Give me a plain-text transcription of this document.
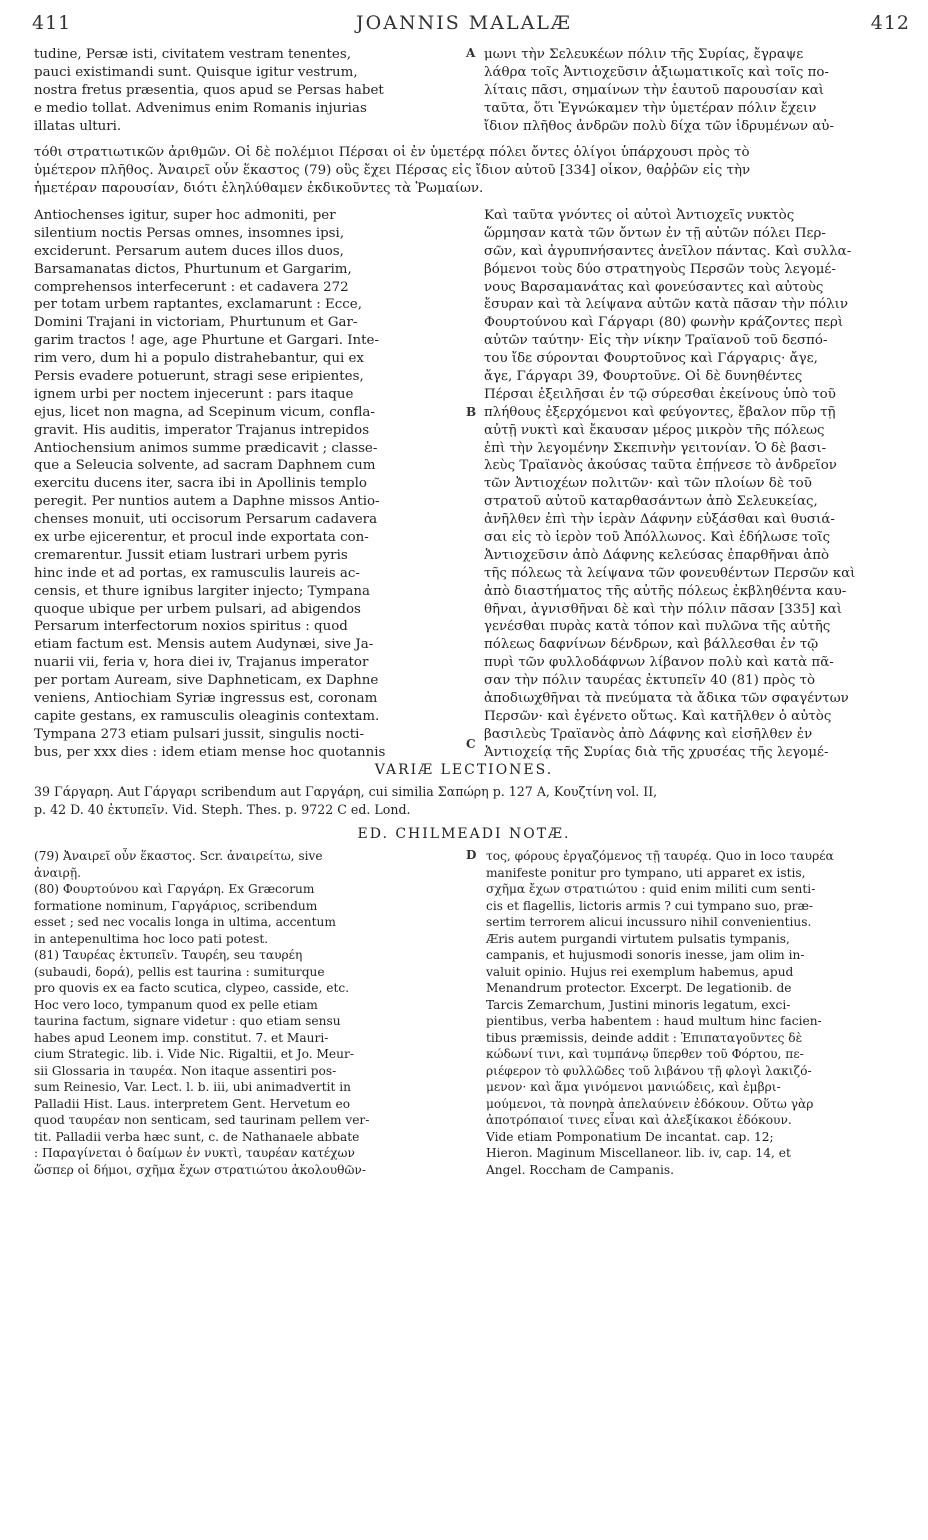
411	JOANNIS MALALÆ	412
tudine, Persæ isti, civitatem vestram tenentes,
pauci existimandi sunt. Quisque igitur vestrum,
nostra fretus præsentia, quos apud se Persas habet
e medio tollat. Advenimus enim Romanis injurias
illatas ulturi.
A μωνι τὴν Σελευκέων πόλιν τῆς Συρίας, ἔγραψε
λάθρα τοῖς Ἀντιοχεῦσιν ἀξιωματικοῖς καὶ τοῖς πο-
λίταις πᾶσι, σημαίνων τὴν ἑαυτοῦ παρουσίαν καὶ
ταῦτα, ὅτι Ἐγνώκαμεν τὴν ὑμετέραν πόλιν ἔχειν
ἴδιον πλῆθος ἀνδρῶν πολὺ δίχα τῶν ἱδρυμένων αὐ-
τόθι στρατιωτικῶν ἀριθμῶν. Οἱ δὲ πολέμιοι Πέρσαι οἱ ἐν ὑμετέρᾳ πόλει ὄντες ὀλίγοι ὑπάρχουσι πρὸς τὸ
ὑμέτερον πλῆθος. Ἀναιρεῖ οὖν ἕκαστος (79) οὓς ἔχει Πέρσας εἰς ἴδιον αὐτοῦ [334] οἶκον, θαῤῥῶν εἰς τὴν
ἡμετέραν παρουσίαν, διότι ἐληλύθαμεν ἐκδικοῦντες τὰ Ῥωμαίων.
Antiochenses igitur, super hoc admoniti, per
silentium noctis Persas omnes, insomnes ipsi,
exciderunt. Persarum autem duces illos duos,
Barsamanatas dictos, Phurtunum et Gargarim,
comprehensos interfecerunt : et cadavera 272
per totam urbem raptantes, exclamarunt : Ecce,
Domini Trajani in victoriam, Phurtunum et Gar-
garim tractos ! age, age Phurtune et Gargari. Inte-
rim vero, dum hi a populo distrahebantur, qui ex
Persis evadere potuerunt, stragi sese eripientes,
ignem urbi per noctem injecerunt : pars itaque
ejus, licet non magna, ad Scepinum vicum, confla-
gravit. His auditis, imperator Trajanus intrepidos
Antiochensium animos summe prædicavit ; classe-
que a Seleucia solvente, ad sacram Daphnem cum
exercitu ducens iter, sacra ibi in Apollinis templo
peregit. Per nuntios autem a Daphne missos Antio-
chenses monuit, uti occisorum Persarum cadavera
ex urbe ejicerentur, et procul inde exportata con-
cremarentur. Jussit etiam lustrari urbem pyris
hinc inde et ad portas, ex ramusculis laureis ac-
censis, et thure ignibus largiter injecto; Tympana
quoque ubique per urbem pulsari, ad abigendos
Persarum interfectorum noxios spiritus : quod
etiam factum est. Mensis autem Audynæi, sive Ja-
nuarii vii, feria v, hora diei iv, Trajanus imperator
per portam Auream, sive Daphneticam, ex Daphne
veniens, Antiochiam Syriæ ingressus est, coronam
capite gestans, ex ramusculis oleaginis contextam.
Tympana 273 etiam pulsari jussit, singulis nocti-
bus, per xxx dies : idem etiam mense hoc quotannis
B
C
Καὶ ταῦτα γνόντες οἱ αὐτοὶ Ἀντιοχεῖς νυκτὸς
ὥρμησαν κατὰ τῶν ὄντων ἐν τῇ αὐτῶν πόλει Περ-
σῶν, καὶ ἀγρυπνήσαντες ἀνεῖλον πάντας. Καὶ συλλα-
βόμενοι τοὺς δύο στρατηγοὺς Περσῶν τοὺς λεγομέ-
νους Βαρσαμανάτας καὶ φονεύσαντες καὶ αὐτοὺς
ἔσυραν καὶ τὰ λείψανα αὐτῶν κατὰ πᾶσαν τὴν πόλιν
Φουρτούνου καὶ Γάργαρι (80) φωνὴν κράζοντες περὶ
αὐτῶν ταύτην· Εἰς τὴν νίκην Τραϊανοῦ τοῦ δεσπό-
του ἴδε σύρονται Φουρτοῦνος καὶ Γάργαρις· ἄγε,
ἄγε, Γάργαρι 39, Φουρτοῦνε. Οἱ δὲ δυνηθέντες
Πέρσαι ἐξειλῆσαι ἐν τῷ σύρεσθαι ἐκείνους ὑπὸ τοῦ
πλήθους ἐξερχόμενοι καὶ φεύγοντες, ἔβαλον πῦρ τῇ
αὐτῇ νυκτὶ καὶ ἔκαυσαν μέρος μικρὸν τῆς πόλεως
ἐπὶ τὴν λεγομένην Σκεπινὴν γειτονίαν. Ὁ δὲ βασι-
λεὺς Τραϊανὸς ἀκούσας ταῦτα ἐπῄνεσε τὸ ἀνδρεῖον
τῶν Ἀντιοχέων πολιτῶν· καὶ τῶν πλοίων δὲ τοῦ
στρατοῦ αὐτοῦ καταρθασάντων ἀπὸ Σελευκείας,
ἀνῆλθεν ἐπὶ τὴν ἱερὰν Δάφνην εὐξάσθαι καὶ θυσιά-
σαι εἰς τὸ ἱερὸν τοῦ Ἀπόλλωνος. Καὶ ἐδήλωσε τοῖς
Ἀντιοχεῦσιν ἀπὸ Δάφνης κελεύσας ἐπαρθῆναι ἀπὸ
τῆς πόλεως τὰ λείψανα τῶν φονευθέντων Περσῶν καὶ
ἀπὸ διαστήματος τῆς αὐτῆς πόλεως ἐκβληθέντα καυ-
θῆναι, ἀγνισθῆναι δὲ καὶ τὴν πόλιν πᾶσαν [335] καὶ
γενέσθαι πυρὰς κατὰ τόπον καὶ πυλῶνα τῆς αὐτῆς
πόλεως δαφνίνων δένδρων, καὶ βάλλεσθαι ἐν τῷ
πυρὶ τῶν φυλλοδάφνων λίβανον πολὺ καὶ κατὰ πᾶ-
σαν τὴν πόλιν ταυρέας ἐκτυπεῖν 40 (81) πρὸς τὸ
ἀποδιωχθῆναι τὰ πνεύματα τὰ ἄδικα τῶν σφαγέντων
Περσῶν· καὶ ἐγένετο οὕτως. Καὶ κατῆλθεν ὁ αὐτὸς
βασιλεὺς Τραϊανὸς ἀπὸ Δάφνης καὶ εἰσῆλθεν ἐν
Ἀντιοχείᾳ τῆς Συρίας διὰ τῆς χρυσέας τῆς λεγομέ-
VARIÆ LECTIONES.
39 Γάργαρη. Aut Γάργαρι scribendum aut Γαργάρη, cui similia Σαπώρη p. 127 A, Κουζτίνη vol. II,
p. 42 D. 40 ἐκτυπεῖν. Vid. Steph. Thes. p. 9722 C ed. Lond.
ED. CHILMEADI NOTÆ.
(79) Ἀναιρεῖ οὖν ἕκαστος. Scr. ἀναιρείτω, sive
ἀναιρῇ.
(80) Φουρτούνου καὶ Γαργάρη. Ex Græcorum
formatione nominum, Γαργάριος, scribendum
esset ; sed nec vocalis longa in ultima, accentum
in antepenultima hoc loco pati potest.
(81) Ταυρέας ἐκτυπεῖν. Ταυρέη, seu ταυρέη
(subaudi, δορά), pellis est taurina : sumiturque
pro quovis ex ea facto scutica, clypeo, casside, etc.
Hoc vero loco, tympanum quod ex pelle etiam
taurina factum, signare videtur : quo etiam sensu
habes apud Leonem imp. constitut. 7. et Mauri-
cium Strategic. lib. i. Vide Nic. Rigaltii, et Jo. Meur-
sii Glossaria in ταυρέα. Non itaque assentiri pos-
sum Reinesio, Var. Lect. l. b. iii, ubi animadvertit in
Palladii Hist. Laus. interpretem Gent. Hervetum eo
quod ταυρέαν non senticam, sed taurinam pellem ver-
tit. Palladii verba hæc sunt, c. de Nathanaele abbate
: Παραγίνεται ὁ δαίμων ἐν νυκτὶ, ταυρέαν κατέχων
ὥσπερ οἱ δήμοι, σχῆμα ἔχων στρατιώτου ἀκολουθῶν-
D τος, φόρους ἐργαζόμενος τῇ ταυρέᾳ. Quo in loco ταυρέα
manifeste ponitur pro tympano, uti apparet ex istis,
σχῆμα ἔχων στρατιώτου : quid enim militi cum senti-
cis et flagellis, lictoris armis ? cui tympano suo, præ-
sertim terrorem alicui incussuro nihil convenientius.
Æris autem purgandi virtutem pulsatis tympanis,
campanis, et hujusmodi sonoris inesse, jam olim in-
valuit opinio. Hujus rei exemplum habemus, apud
Menandrum protector. Excerpt. De legationib. de
Tarcis Zemarchum, Justini minoris legatum, exci-
pientibus, verba habentem : haud multum hinc facien-
tibus præmissis, deinde addit : Ἐπιπαταγοῦντες δὲ
κώδωνί τινι, καὶ τυμπάνῳ ὕπερθεν τοῦ Φόρτου, πε-
ριέφερον τὸ φυλλῶδες τοῦ λιβάνου τῇ φλογὶ λακιζό-
μενον· καὶ ἅμα γινόμενοι μανιώδεις, καὶ ἐμβρι-
μούμενοι, τὰ πονηρὰ ἀπελαύνειν ἐδόκουν. Οὕτω γὰρ
ἀποτρόπαιοί τινες εἶναι καὶ ἀλεξίκακοι ἐδόκουν.
Vide etiam Pomponatium De incantat. cap. 12;
Hieron. Maginum Miscellaneor. lib. iv, cap. 14, et
Angel. Roccham de Campanis.
